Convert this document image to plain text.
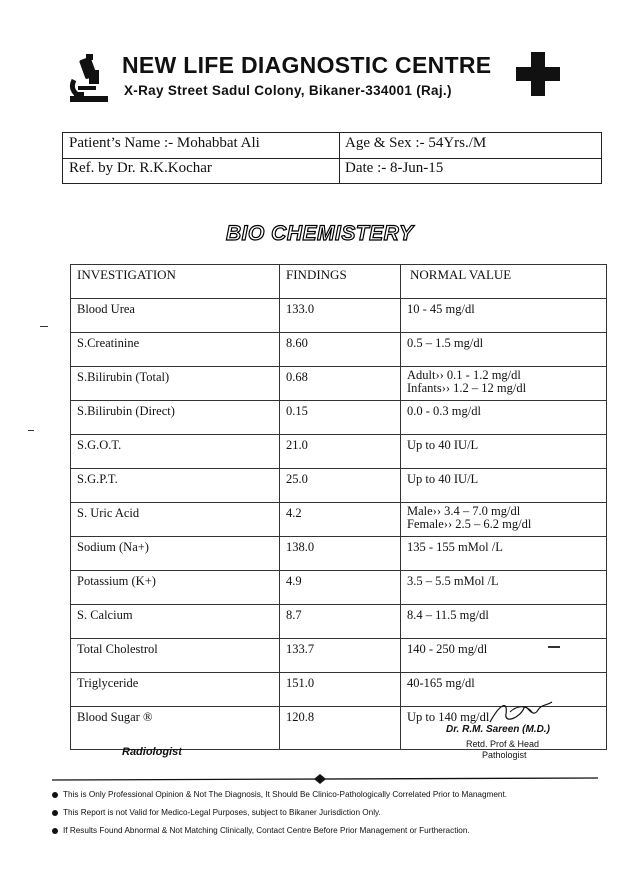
NEW LIFE DIAGNOSTIC CENTRE
X-Ray Street Sadul Colony, Bikaner-334001 (Raj.)
Patient’s Name :- Mohabbat Ali	Age & Sex :- 54Yrs./M
Ref. by Dr. R.K.Kochar	Date :- 8-Jun-15
BIO CHEMISTERY
INVESTIGATION	FINDINGS	NORMAL VALUE
Blood Urea	133.0	10 - 45 mg/dl

S.Creatinine	8.60	0.5 – 1.5 mg/dl

S.Bilirubin (Total)	0.68	Adult›› 0.1 - 1.2 mg/dl
Infants›› 1.2 – 12 mg/dl

S.Bilirubin (Direct)	0.15	0.0 - 0.3 mg/dl

S.G.O.T.	21.0	Up to 40 IU/L

S.G.P.T.	25.0	Up to 40 IU/L

S. Uric Acid	4.2	Male›› 3.4 – 7.0 mg/dl
Female›› 2.5 – 6.2 mg/dl

Sodium (Na+)	138.0	135 - 155 mMol /L

Potassium (K+)	4.9	3.5 – 5.5 mMol /L

S. Calcium	8.7	8.4 – 11.5 mg/dl

Total Cholestrol	133.7	140 - 250 mg/dl

Triglyceride	151.0	40-165 mg/dl

Blood Sugar ®	120.8	Up to 140 mg/dl
Radiologist
Dr. R.M. Sareen (M.D.)
Retd. Prof & Head
Pathologist
This is Only Professional Opinion & Not The Diagnosis, It Should Be Clinico-Pathologically Correlated Prior to Managment.
This Report is not Valid for Medico-Legal Purposes, subject to Bikaner Jurisdiction Only.
If Results Found Abnormal & Not Matching Clinically, Contact Centre Before Prior Management or Furtheraction.
